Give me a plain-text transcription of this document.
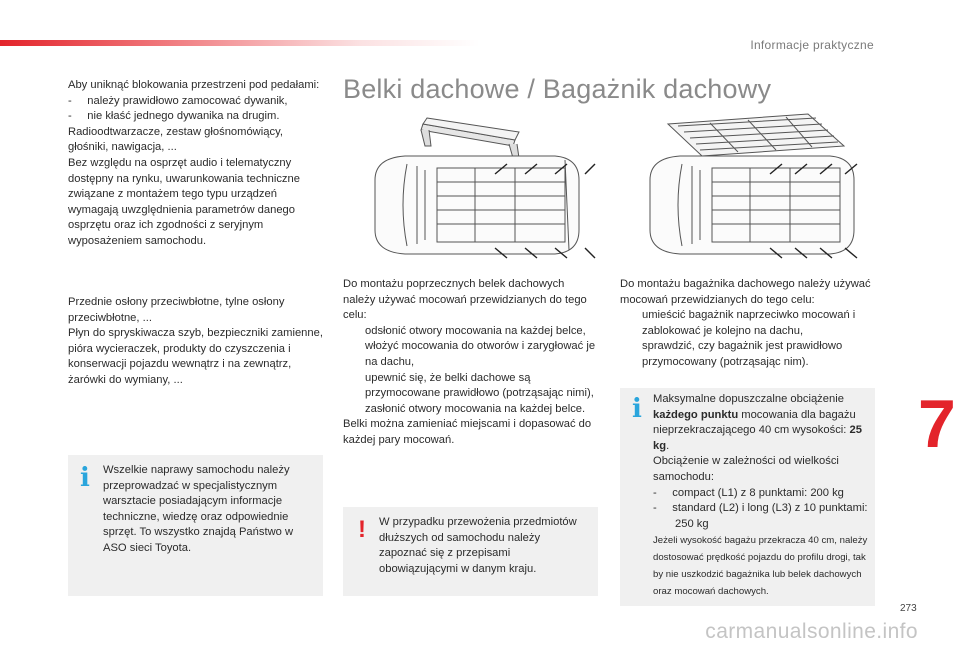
Informacje praktyczne

Aby uniknąć blokowania przestrzeni pod pedałami:

- należy prawidłowo zamocować dywanik,

- nie kłaść jednego dywanika na drugim.

Radioodtwarzacze, zestaw głośnomówiący, głośniki, nawigacja, ...

Bez względu na osprzęt audio i telematyczny dostępny na rynku, uwarunkowania techniczne związane z montażem tego typu urządzeń wymagają uwzględnienia parametrów danego osprzętu oraz ich zgodności z seryjnym wyposażeniem samochodu.

Przednie osłony przeciwbłotne, tylne osłony przeciwbłotne, ...

Płyn do spryskiwacza szyb, bezpieczniki zamienne, pióra wycieraczek, produkty do czyszczenia i konserwacji pojazdu wewnątrz i na zewnątrz, żarówki do wymiany, ...

i Wszelkie naprawy samochodu należy przeprowadzać w specjalistycznym warsztacie posiadającym informacje techniczne, wiedzę oraz odpowiednie sprzęt. To wszystko znajdą Państwo w ASO sieci Toyota.
Belki dachowe / Bagażnik dachowy

Do montażu poprzecznych belek dachowych należy używać mocowań przewidzianych do tego celu:

odsłonić otwory mocowania na każdej belce,

włożyć mocowania do otworów i zarygłować je na dachu,

upewnić się, że belki dachowe są przymocowane prawidłowo (potrząsając nimi),

zasłonić otwory mocowania na każdej belce.

Belki można zamieniać miejscami i dopasować do każdej pary mocowań.

! W przypadku przewożenia przedmiotów dłuższych od samochodu należy zapoznać się z przepisami obowiązującymi w danym kraju.

Do montażu bagażnika dachowego należy używać mocowań przewidzianych do tego celu:

umieścić bagażnik naprzeciwko mocowań i zablokować je kolejno na dachu,

sprawdzić, czy bagażnik jest prawidłowo przymocowany (potrząsając nim).

i Maksymalne dopuszczalne obciążenie każdego punktu mocowania dla bagażu nieprzekraczającego 40 cm wysokości: 25 kg.
Obciążenie w zależności od wielkości samochodu:
- compact (L1) z 8 punktami: 200 kg
- standard (L2) i long (L3) z 10 punktami: 250 kg
Jeżeli wysokość bagażu przekracza 40 cm, należy dostosować prędkość pojazdu do profilu drogi, tak by nie uszkodzić bagażnika lub belek dachowych oraz mocowań dachowych.
7
273
carmanualsonline.info
